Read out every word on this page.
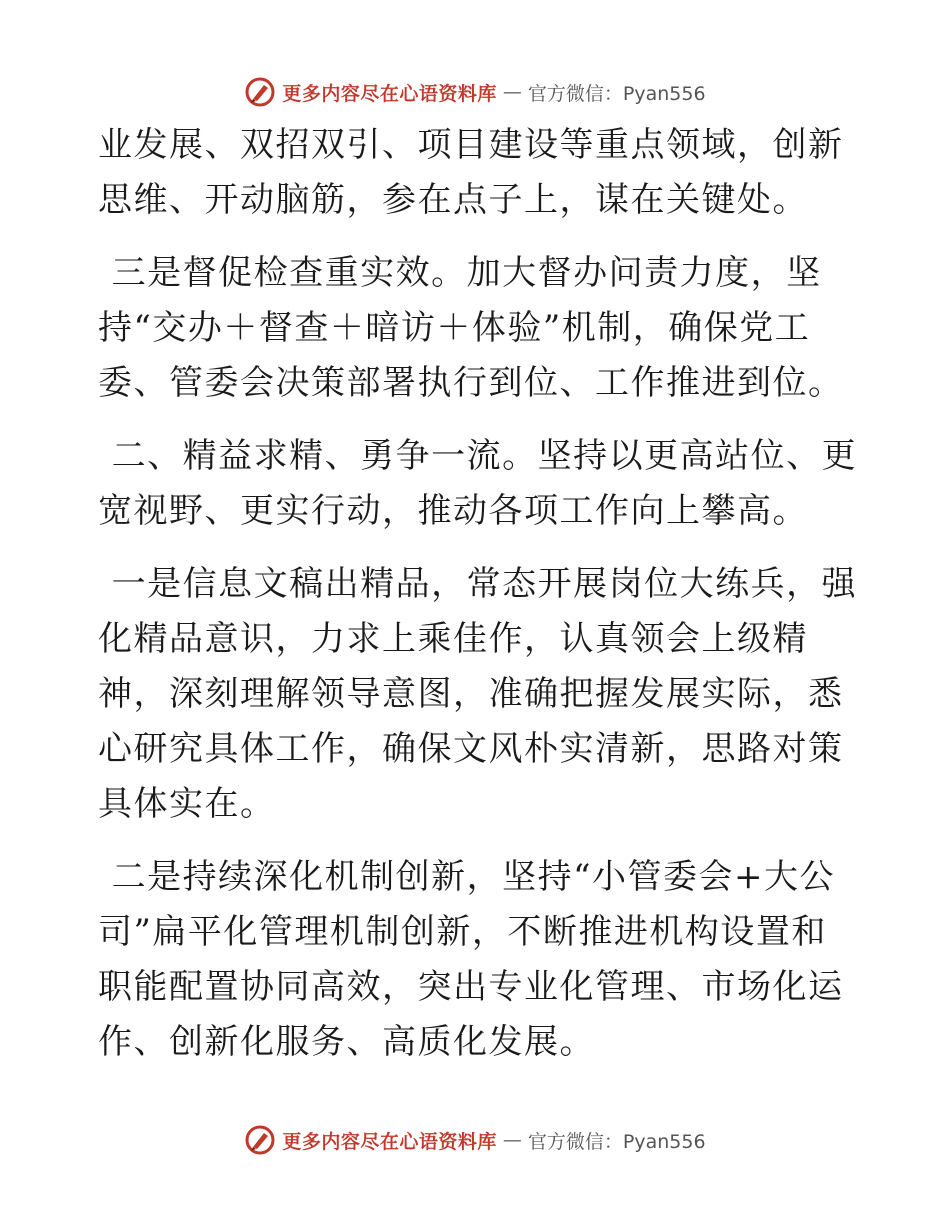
更多内容尽在心语资料库 — 官方微信：Pyan556

业发展、双招双引、项目建设等重点领域，创新思维、开动脑筋，参在点子上，谋在关键处。

三是督促检查重实效。加大督办问责力度，坚持“交办＋督查＋暗访＋体验”机制，确保党工委、管委会决策部署执行到位、工作推进到位。

二、精益求精、勇争一流。坚持以更高站位、更宽视野、更实行动，推动各项工作向上攀高。

一是信息文稿出精品，常态开展岗位大练兵，强化精品意识，力求上乘佳作，认真领会上级精神，深刻理解领导意图，准确把握发展实际，悉心研究具体工作，确保文风朴实清新，思路对策具体实在。

二是持续深化机制创新，坚持“小管委会+大公司”扁平化管理机制创新，不断推进机构设置和职能配置协同高效，突出专业化管理、市场化运作、创新化服务、高质化发展。

更多内容尽在心语资料库 — 官方微信：Pyan556
